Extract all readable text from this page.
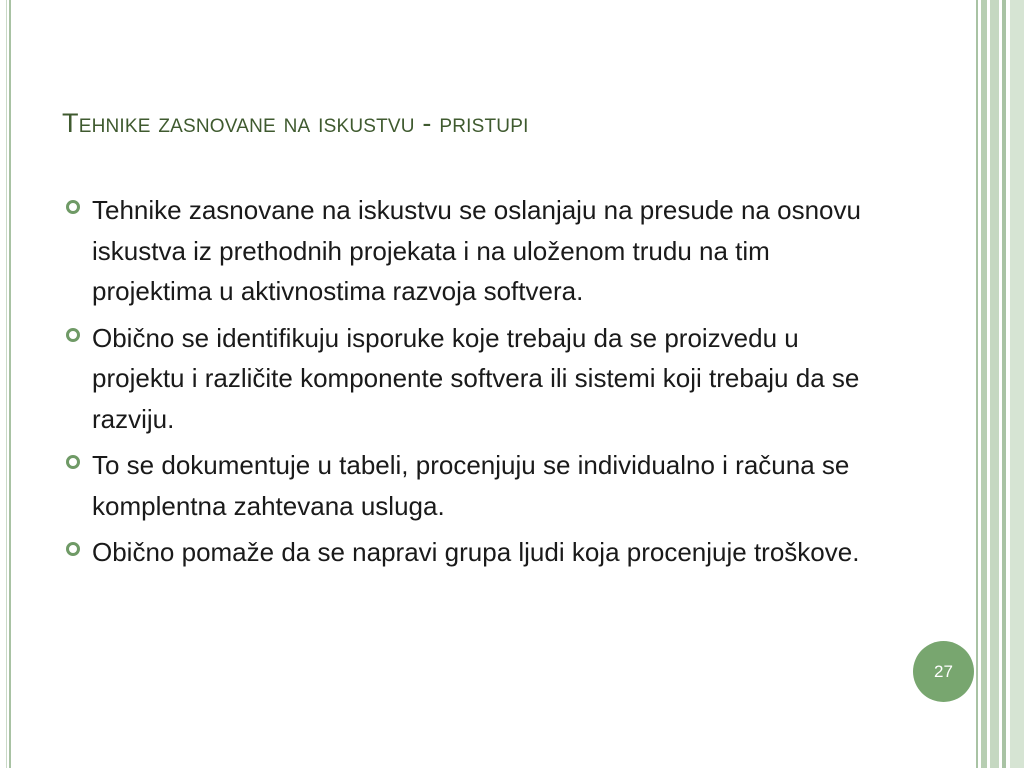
Tehnike zasnovane na iskustvu - pristupi
Tehnike zasnovane na iskustvu se oslanjaju na presude na osnovu iskustva iz prethodnih projekata i na uloženom trudu na tim projektima u aktivnostima razvoja softvera.
Obično se identifikuju isporuke koje trebaju da se proizvedu u projektu i različite komponente softvera ili sistemi koji trebaju da se razviju.
To se dokumentuje u tabeli, procenjuju se individualno i računa se komplentna zahtevana usluga.
Obično pomaže da se napravi grupa ljudi koja procenjuje troškove.
27
